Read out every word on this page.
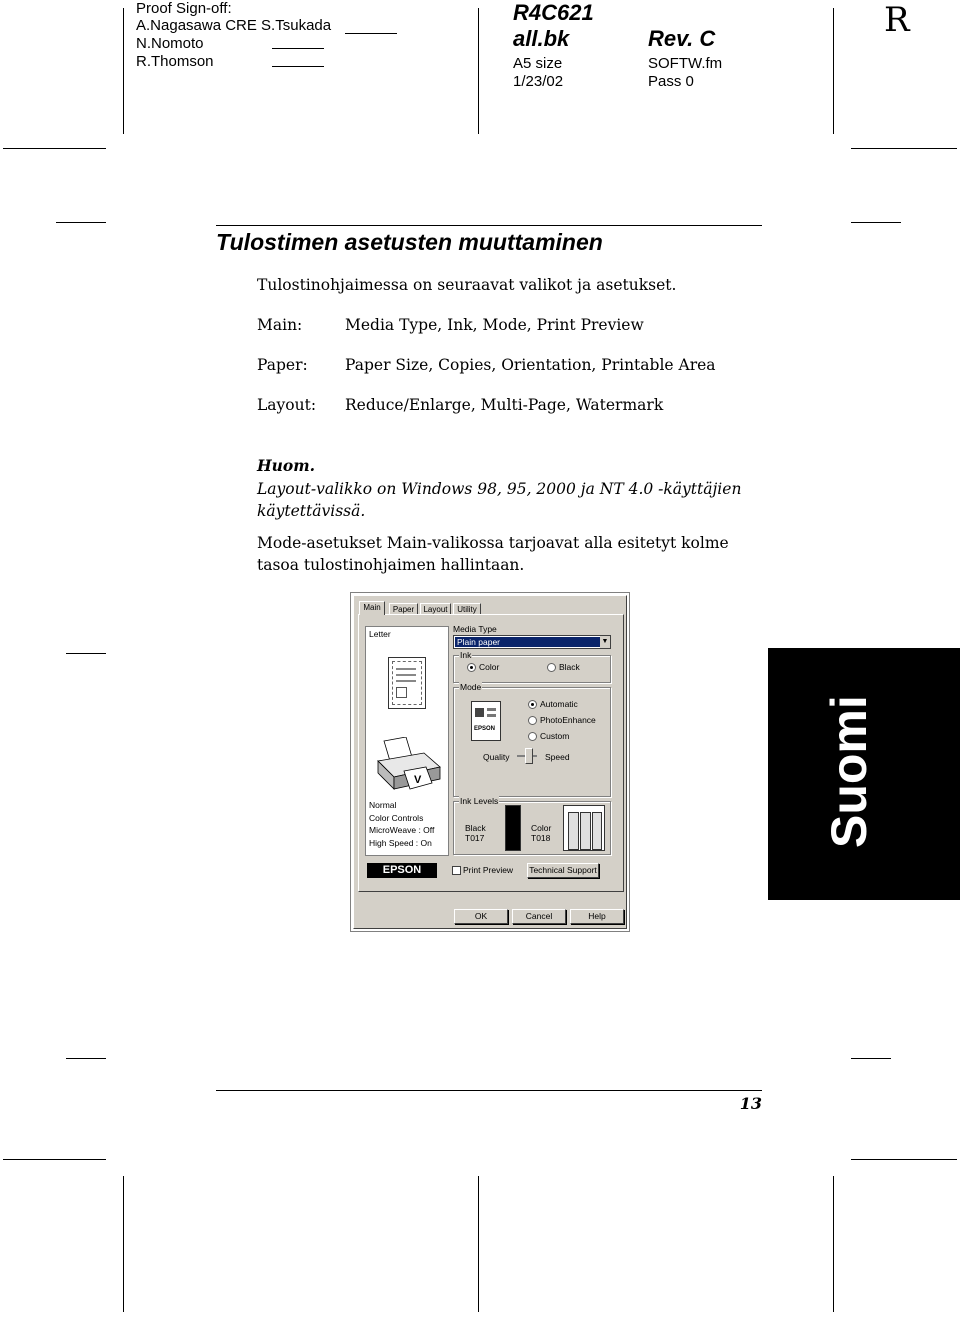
Proof Sign-off:
A.Nagasawa CRE S.Tsukada
N.Nomoto
R.Thomson
R4C621
all.bk	Rev. C
A5 size	SOFTW.fm
1/23/02	Pass 0
R
Tulostimen asetusten muuttaminen
Tulostinohjaimessa on seuraavat valikot ja asetukset.
Main:	Media Type, Ink, Mode, Print Preview
Paper: Paper Size, Copies, Orientation, Printable Area
Layout: Reduce/Enlarge, Multi-Page, Watermark
Huom.
Layout-valikko on Windows 98, 95, 2000 ja NT 4.0 -käyttäjien käytettävissä.
Mode-asetukset Main-valikossa tarjoavat alla esitetyt kolme tasoa tulostinohjaimen hallintaan.
Main	Paper	Layout	Utility
Letter
V
Normal
Color Controls
MicroWeave : Off
High Speed : On
Media Type
Plain paper	▼
Ink
Color	Black
Mode
EPSON
Automatic
PhotoEnhance
Custom
Quality	Speed
Ink Levels
Black
T017
Color
T018
EPSON	Print Preview Technical Support
OK	Cancel	Help
Suomi
13
